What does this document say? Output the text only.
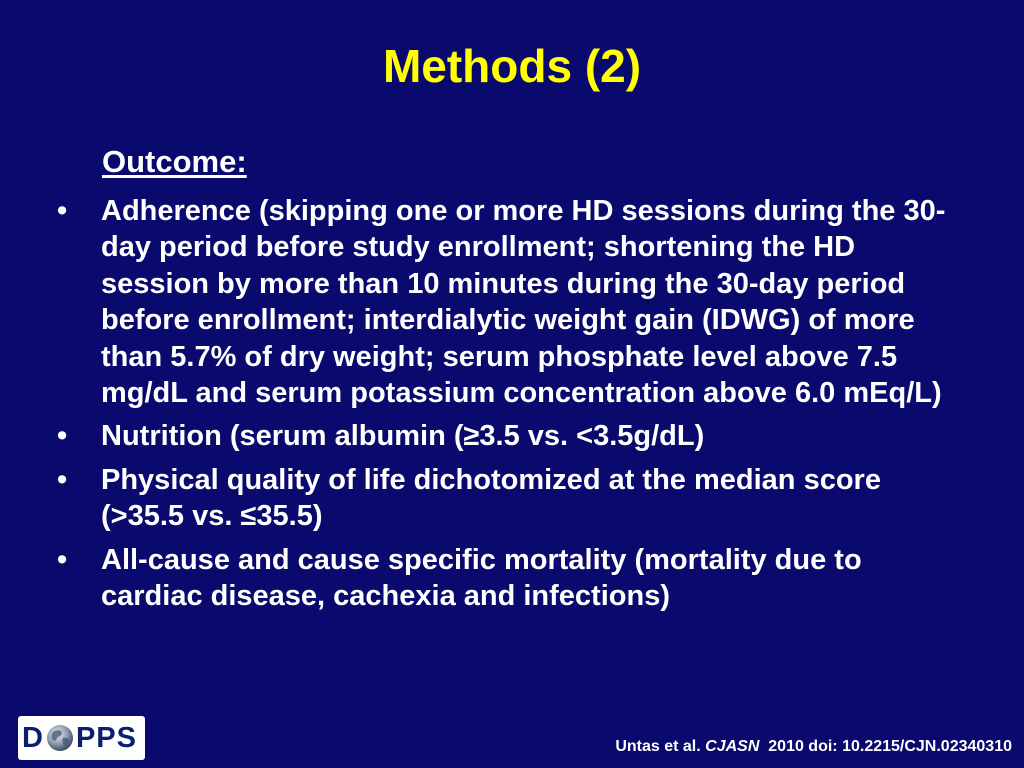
Methods (2)
Outcome:
• Adherence (skipping one or more HD sessions during the 30-day period before study enrollment; shortening the HD session by more than 10 minutes during the 30-day period before enrollment; interdialytic weight gain (IDWG) of more than 5.7% of dry weight; serum phosphate level above 7.5 mg/dL and serum potassium concentration above 6.0 mEq/L)
• Nutrition (serum albumin (≥3.5 vs. <3.5g/dL)
• Physical quality of life dichotomized at the median score (>35.5 vs. ≤35.5)
• All-cause and cause specific mortality (mortality due to cardiac disease, cachexia and infections)
D PPS	Untas et al. CJASN  2010 doi: 10.2215/CJN.02340310
